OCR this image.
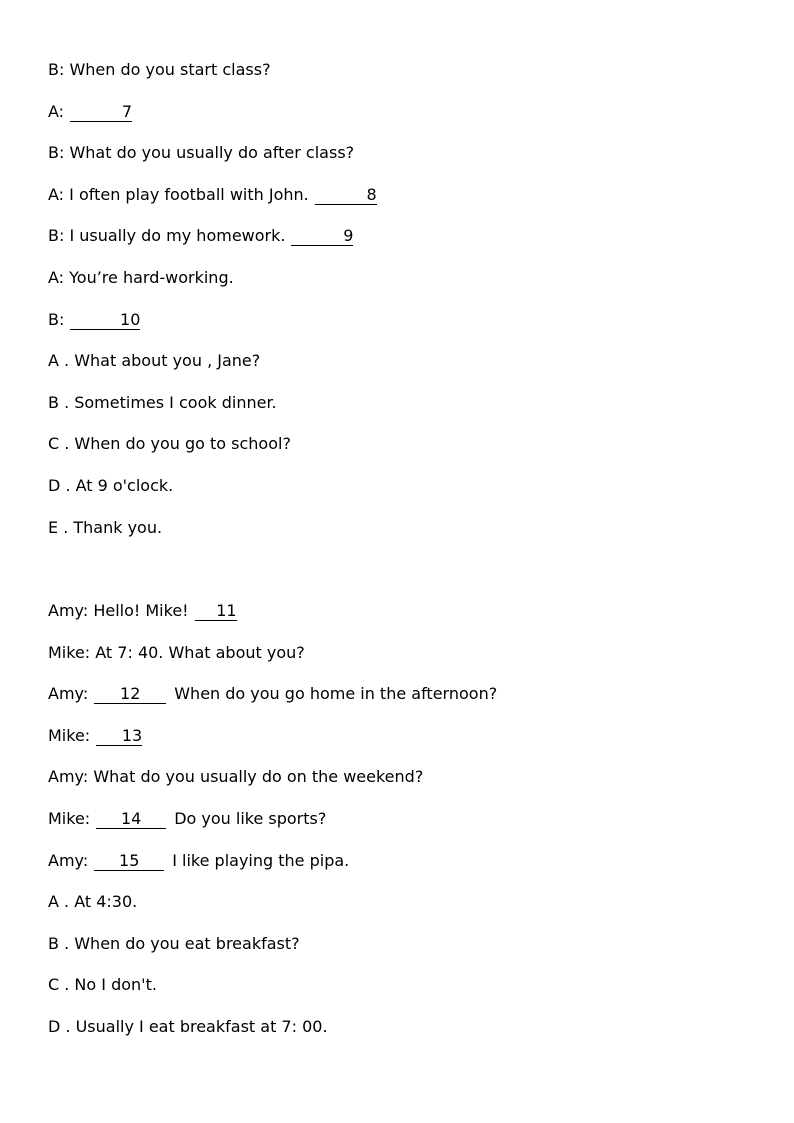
B: When do you start class?
A:	7
B: What do you usually do after class?
A: I often play football with John.	8
B: I usually do my homework.	9
A: You’re hard-working.
B:	10
A . What about you , Jane?
B . Sometimes I cook dinner.
C . When do you go to school?
D . At 9 o'clock.
E . Thank you.
Amy: Hello! Mike! 11
Mike: At 7: 40. What about you?
Amy: 12 When do you go home in the afternoon?
Mike: 13
Amy: What do you usually do on the weekend?
Mike: 14 Do you like sports?
Amy: 15 I like playing the pipa.
A . At 4:30.
B . When do you eat breakfast?
C . No I don't.
D . Usually I eat breakfast at 7: 00.
